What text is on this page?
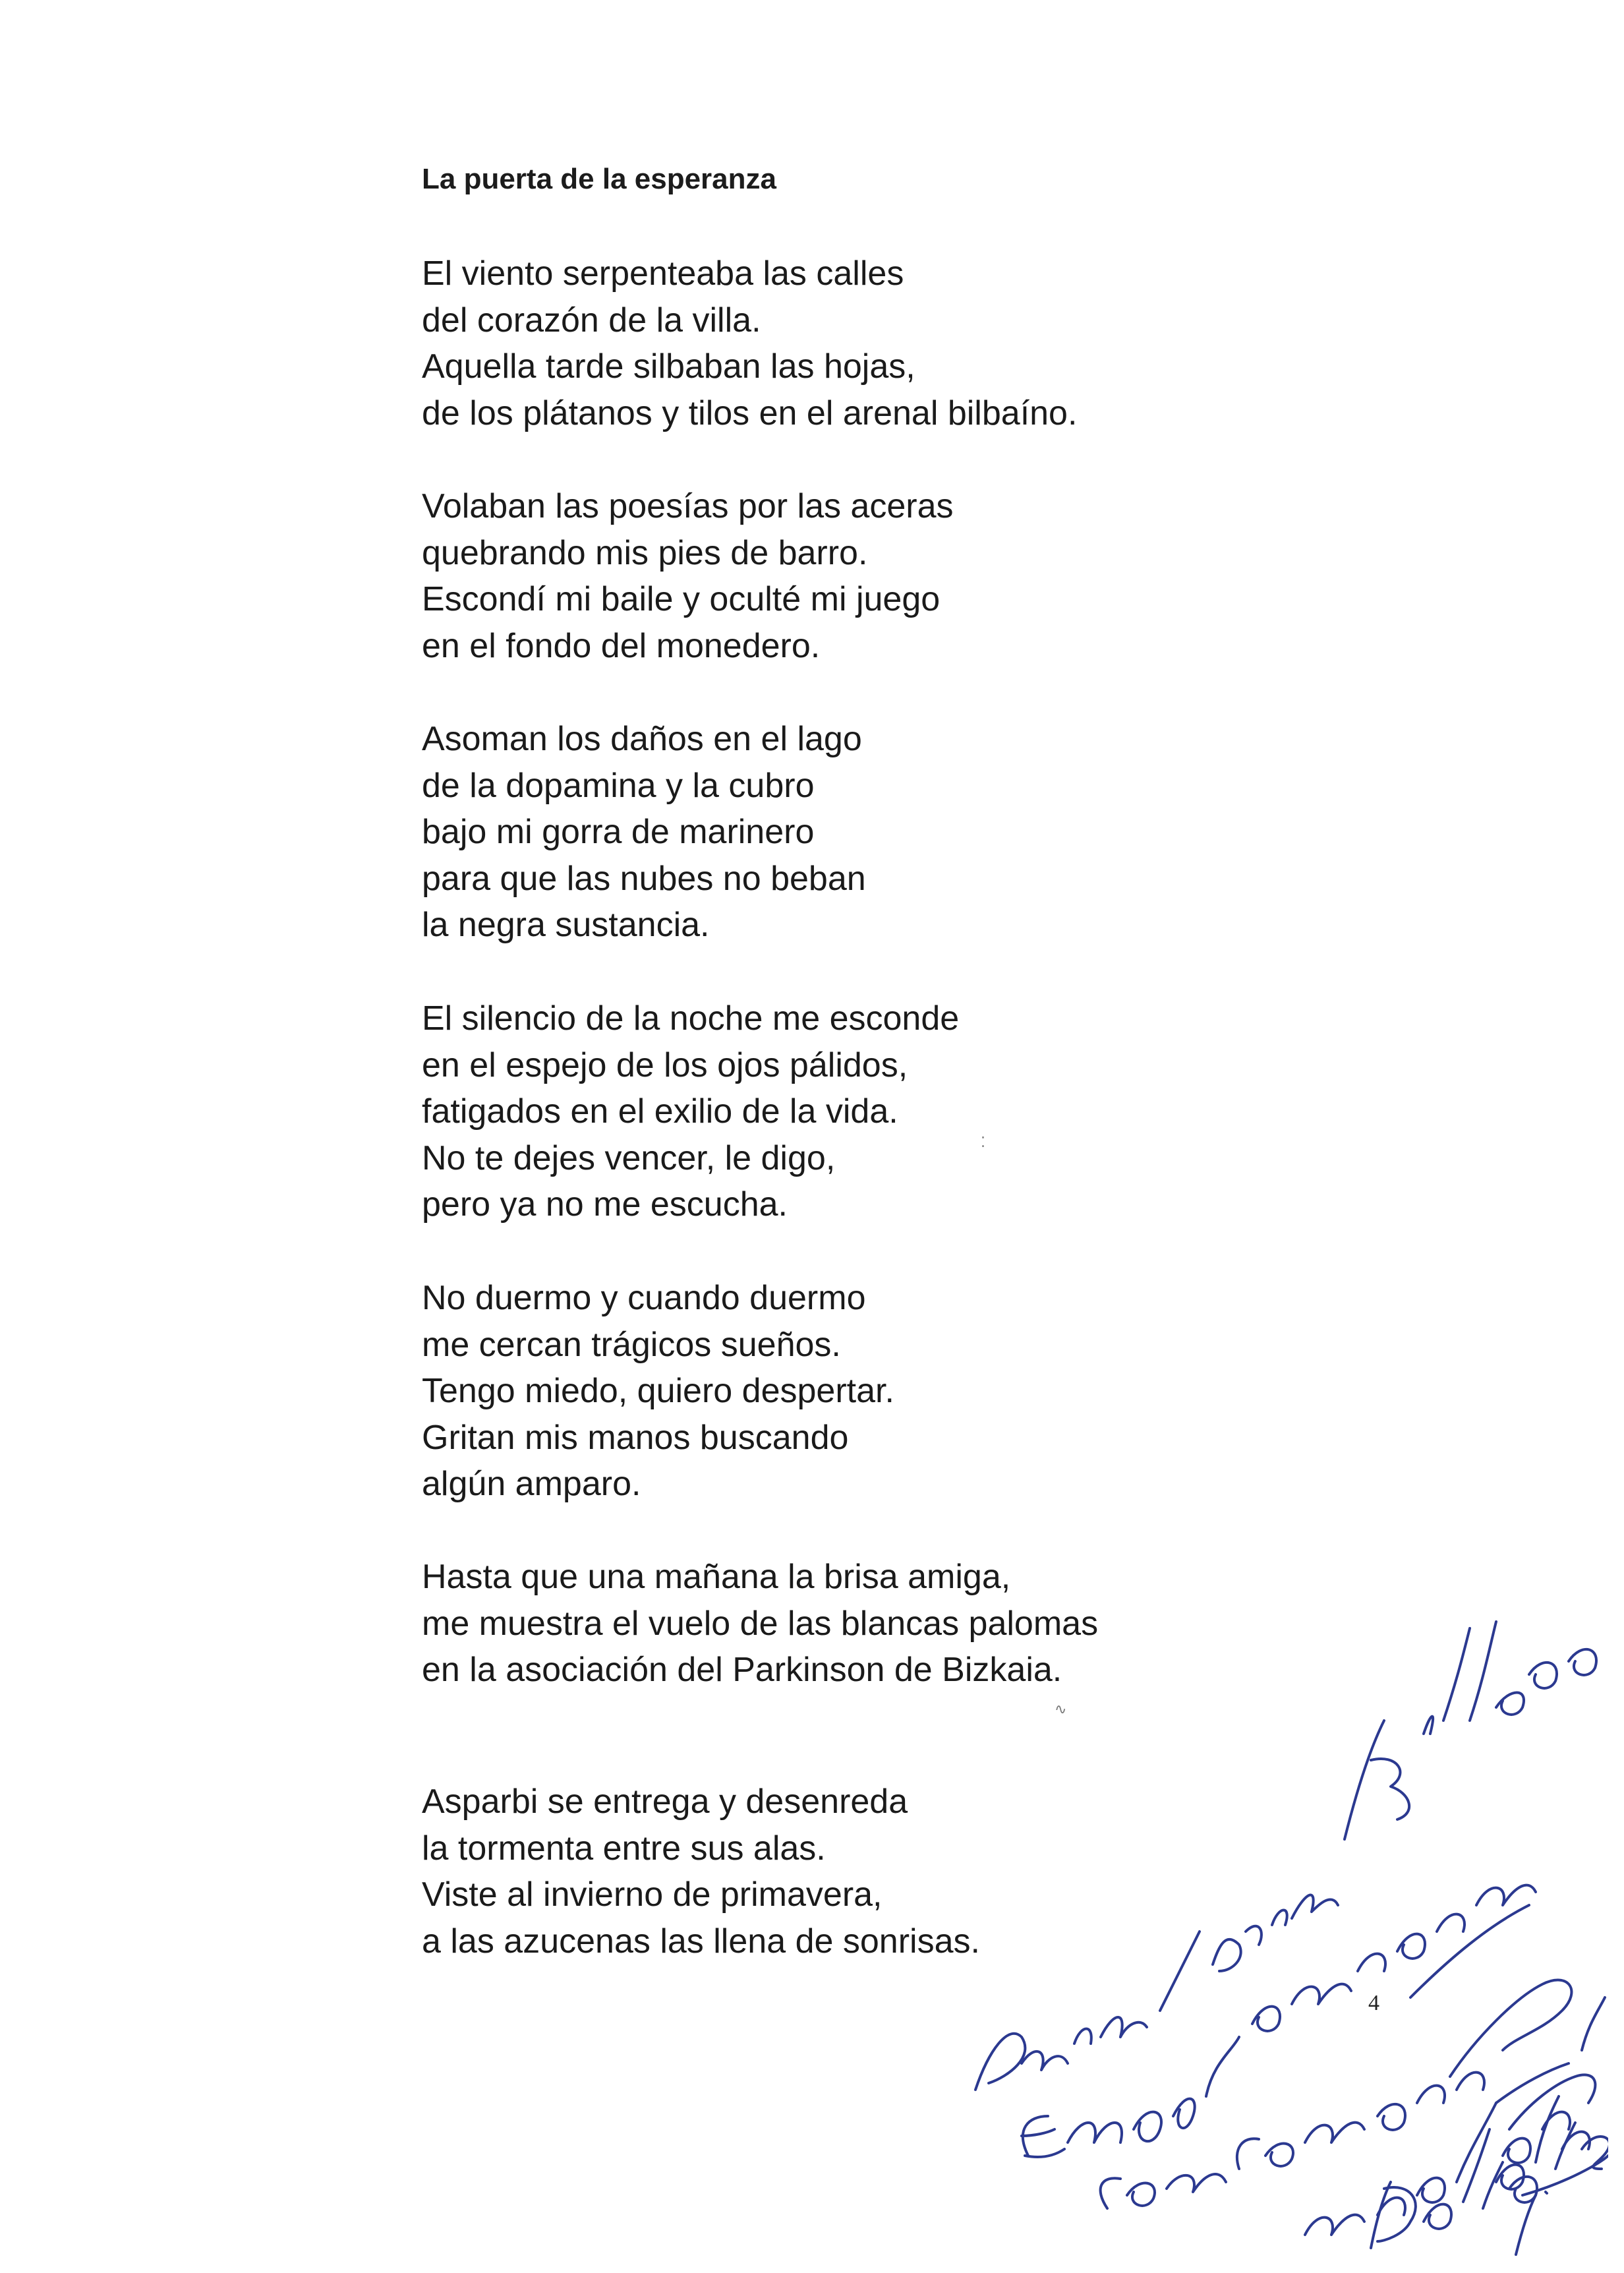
La puerta de la esperanza
El viento serpenteaba las calles
del corazón de la villa.
Aquella tarde silbaban las hojas,
de los plátanos y tilos en el arenal bilbaíno.
Volaban las poesías por las aceras
quebrando mis pies de barro.
Escondí mi baile y oculté mi juego
en el fondo del monedero.
Asoman los daños en el lago
de la dopamina y la cubro
bajo mi gorra de marinero
para que las nubes no beban
la negra sustancia.
El silencio de la noche me esconde
en el espejo de los ojos pálidos,
fatigados en el exilio de la vida.
No te dejes vencer, le digo,
pero ya no me escucha.
No duermo y cuando duermo
me cercan trágicos sueños.
Tengo miedo, quiero despertar.
Gritan mis manos buscando
algún amparo.
Hasta que una mañana la brisa amiga,
me muestra el vuelo de las blancas palomas
en la asociación del Parkinson de Bizkaia.
Asparbi se entrega y desenreda
la tormenta entre sus alas.
Viste al invierno de primavera,
a las azucenas las llena de sonrisas.
4
⁚
∿
